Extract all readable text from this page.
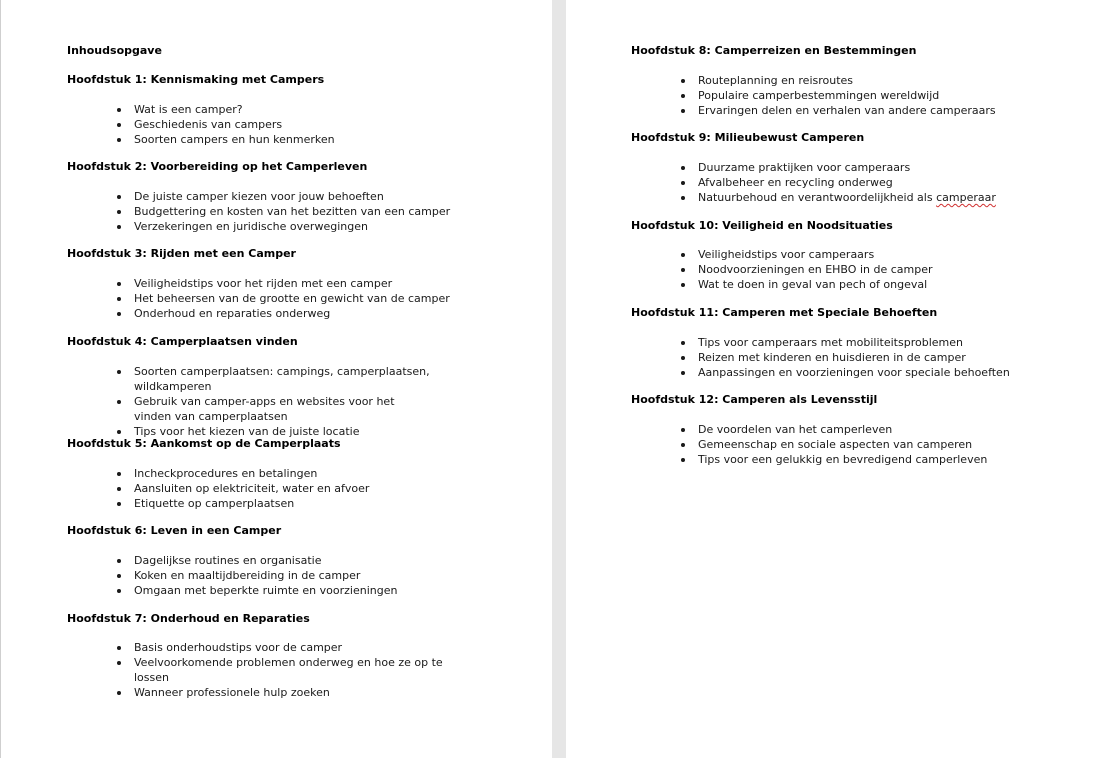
Inhoudsopgave
Hoofdstuk 1: Kennismaking met Campers
Wat is een camper?
Geschiedenis van campers
Soorten campers en hun kenmerken
Hoofdstuk 2: Voorbereiding op het Camperleven
De juiste camper kiezen voor jouw behoeften
Budgettering en kosten van het bezitten van een camper
Verzekeringen en juridische overwegingen
Hoofdstuk 3: Rijden met een Camper
Veiligheidstips voor het rijden met een camper
Het beheersen van de grootte en gewicht van de camper
Onderhoud en reparaties onderweg
Hoofdstuk 4: Camperplaatsen vinden
Soorten camperplaatsen: campings, camperplaatsen, wildkamperen
Gebruik van camper-apps en websites voor het vinden van camperplaatsen
Tips voor het kiezen van de juiste locatie
Hoofdstuk 5: Aankomst op de Camperplaats
Incheckprocedures en betalingen
Aansluiten op elektriciteit, water en afvoer
Etiquette op camperplaatsen
Hoofdstuk 6: Leven in een Camper
Dagelijkse routines en organisatie
Koken en maaltijdbereiding in de camper
Omgaan met beperkte ruimte en voorzieningen
Hoofdstuk 7: Onderhoud en Reparaties
Basis onderhoudstips voor de camper
Veelvoorkomende problemen onderweg en hoe ze op te lossen
Wanneer professionele hulp zoeken
Hoofdstuk 8: Camperreizen en Bestemmingen
Routeplanning en reisroutes
Populaire camperbestemmingen wereldwijd
Ervaringen delen en verhalen van andere camperaars
Hoofdstuk 9: Milieubewust Camperen
Duurzame praktijken voor camperaars
Afvalbeheer en recycling onderweg
Natuurbehoud en verantwoordelijkheid als camperaar
Hoofdstuk 10: Veiligheid en Noodsituaties
Veiligheidstips voor camperaars
Noodvoorzieningen en EHBO in de camper
Wat te doen in geval van pech of ongeval
Hoofdstuk 11: Camperen met Speciale Behoeften
Tips voor camperaars met mobiliteitsproblemen
Reizen met kinderen en huisdieren in de camper
Aanpassingen en voorzieningen voor speciale behoeften
Hoofdstuk 12: Camperen als Levensstijl
De voordelen van het camperleven
Gemeenschap en sociale aspecten van camperen
Tips voor een gelukkig en bevredigend camperleven
